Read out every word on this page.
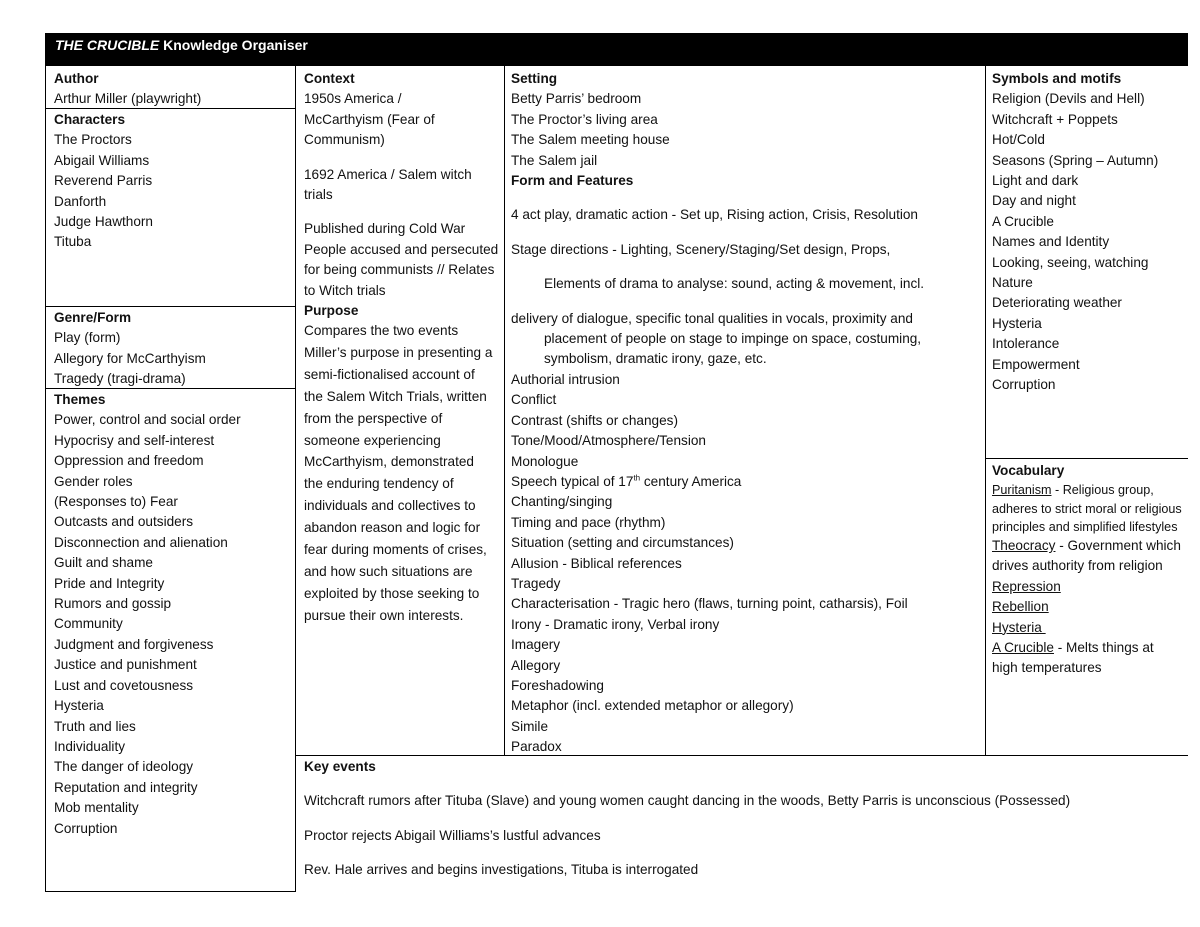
THE CRUCIBLE Knowledge Organiser
Author
Arthur Miller (playwright)
Characters
The Proctors
Abigail Williams
Reverend Parris
Danforth
Judge Hawthorn
Tituba
Genre/Form
Play (form)
Allegory for McCarthyism
Tragedy (tragi-drama)
Themes
Power, control and social order
Hypocrisy and self-interest
Oppression and freedom
Gender roles
(Responses to) Fear
Outcasts and outsiders
Disconnection and alienation
Guilt and shame
Pride and Integrity
Rumors and gossip
Community
Judgment and forgiveness
Justice and punishment
Lust and covetousness
Hysteria
Truth and lies
Individuality
The danger of ideology
Reputation and integrity
Mob mentality
Corruption
Context
1950s America / McCarthyism (Fear of Communism)
1692 America / Salem witch trials
Published during Cold War
People accused and persecuted for being communists // Relates to Witch trials
Purpose
Compares the two events
Miller’s purpose in presenting a semi-fictionalised account of the Salem Witch Trials, written from the perspective of someone experiencing McCarthyism, demonstrated the enduring tendency of individuals and collectives to abandon reason and logic for fear during moments of crises, and how such situations are exploited by those seeking to pursue their own interests.
Setting
Betty Parris’ bedroom
The Proctor’s living area
The Salem meeting house
The Salem jail
Form and Features
4 act play, dramatic action - Set up, Rising action, Crisis, Resolution
Stage directions - Lighting, Scenery/Staging/Set design, Props,
Elements of drama to analyse: sound, acting & movement, incl.
delivery of dialogue, specific tonal qualities in vocals, proximity and
placement of people on stage to impinge on space, costuming,
symbolism, dramatic irony, gaze, etc.
Authorial intrusion
Conflict
Contrast (shifts or changes)
Tone/Mood/Atmosphere/Tension
Monologue
Speech typical of 17th century America
Chanting/singing
Timing and pace (rhythm)
Situation (setting and circumstances)
Allusion - Biblical references
Tragedy
Characterisation - Tragic hero (flaws, turning point, catharsis), Foil
Irony - Dramatic irony, Verbal irony
Imagery
Allegory
Foreshadowing
Metaphor (incl. extended metaphor or allegory)
Simile
Paradox
Symbols and motifs
Religion (Devils and Hell)
Witchcraft + Poppets
Hot/Cold
Seasons (Spring – Autumn)
Light and dark
Day and night
A Crucible
Names and Identity
Looking, seeing, watching
Nature
Deteriorating weather
Hysteria
Intolerance
Empowerment
Corruption
Vocabulary
Puritanism - Religious group, adheres to strict moral or religious principles and simplified lifestyles
Theocracy - Government which drives authority from religion
Repression
Rebellion
Hysteria
A Crucible - Melts things at high temperatures
Key events
Witchcraft rumors after Tituba (Slave) and young women caught dancing in the woods, Betty Parris is unconscious (Possessed)
Proctor rejects Abigail Williams’s lustful advances
Rev. Hale arrives and begins investigations, Tituba is interrogated
